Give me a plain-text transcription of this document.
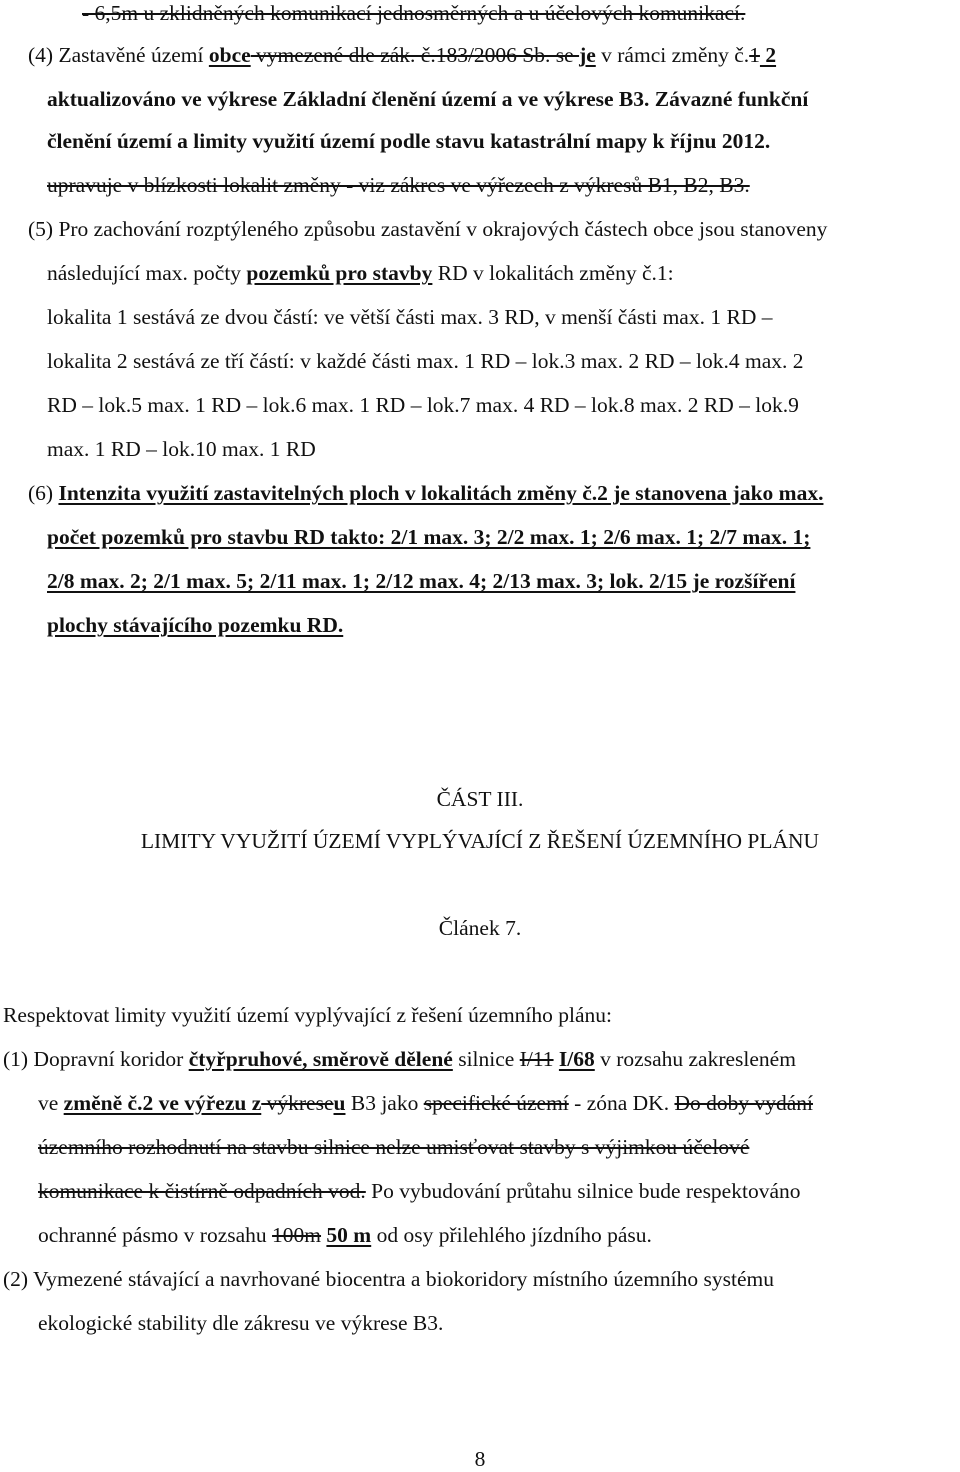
- 6,5m u zklidněných komunikací jednosměrných a u účelových komunikací.
(4) Zastavěné území obce vymezené dle zák. č.183/2006 Sb. se je v rámci změny č.1 2
aktualizováno ve výkrese Základní členění území a ve výkrese B3. Závazné funkční
členění území a limity využití území podle stavu katastrální mapy k říjnu 2012.
upravuje v blízkosti lokalit změny - viz zákres ve výřezech z výkresů B1, B2, B3.
(5) Pro zachování rozptýleného způsobu zastavění v okrajových částech obce jsou stanoveny
následující max. počty pozemků pro stavby RD v lokalitách změny č.1:
lokalita 1 sestává ze dvou částí: ve větší části max. 3 RD, v menší části max. 1 RD –
lokalita 2 sestává ze tří částí: v každé části max. 1 RD – lok.3 max. 2 RD – lok.4 max. 2
RD – lok.5 max. 1 RD – lok.6 max. 1 RD – lok.7 max. 4 RD – lok.8 max. 2 RD – lok.9
max. 1 RD – lok.10 max. 1 RD
(6) Intenzita využití zastavitelných ploch v lokalitách změny č.2 je stanovena jako max.
počet pozemků pro stavbu RD takto: 2/1 max. 3; 2/2 max. 1; 2/6 max. 1; 2/7 max. 1;
2/8 max. 2; 2/1 max. 5; 2/11 max. 1; 2/12 max. 4; 2/13 max. 3; lok. 2/15 je rozšíření
plochy stávajícího pozemku RD.
ČÁST III.
LIMITY VYUŽITÍ ÚZEMÍ VYPLÝVAJÍCÍ Z ŘEŠENÍ ÚZEMNÍHO PLÁNU
Článek 7.
Respektovat limity využití území vyplývající z řešení územního plánu:
(1) Dopravní koridor čtyřpruhové, směrově dělené silnice I/11 I/68 v rozsahu zakresleném
ve změně č.2 ve výřezu z výkreseu B3 jako specifické území - zóna DK. Do doby vydání
územního rozhodnutí na stavbu silnice nelze umisťovat stavby s výjimkou účelové
komunikace k čistírně odpadních vod. Po vybudování průtahu silnice bude respektováno
ochranné pásmo v rozsahu 100m 50 m od osy přilehlého jízdního pásu.
(2) Vymezené stávající a navrhované biocentra a biokoridory místního územního systému
ekologické stability dle zákresu ve výkrese B3.
8
